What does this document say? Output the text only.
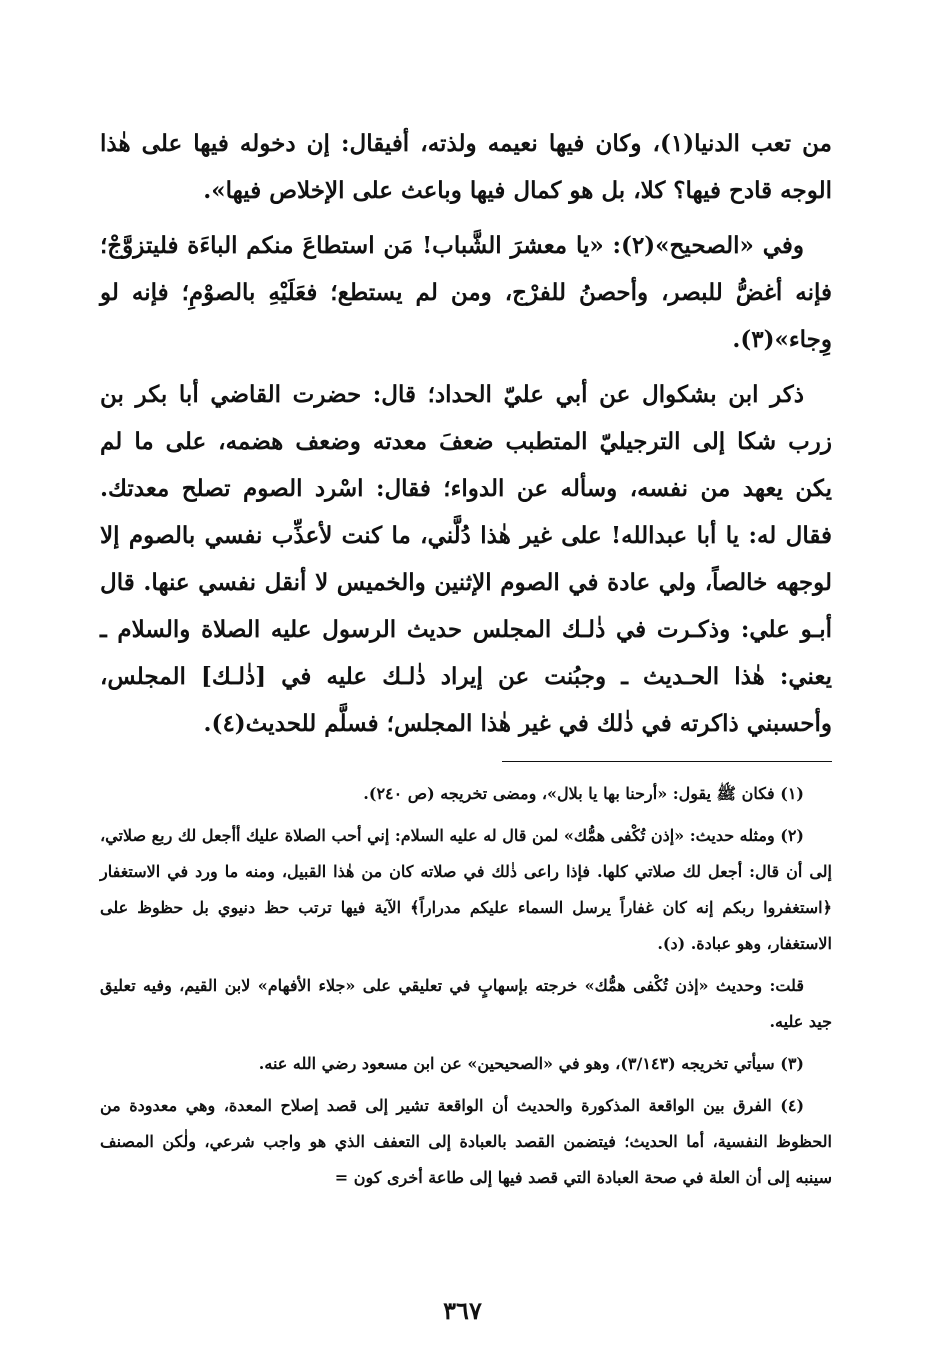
من تعب الدنيا(١)، وكان فيها نعيمه ولذته، أفيقال: إن دخوله فيها على هٰذا الوجه قادح فيها؟ كلا، بل هو كمال فيها وباعث على الإخلاص فيها».

وفي «الصحيح»(٢): «يا معشرَ الشَّباب! مَن استطاعَ منكم الباءَة فليتزوَّجْ؛ فإنه أغضُّ للبصر، وأحصنُ للفرْج، ومن لم يستطع؛ فعَلَيْهِ بالصوْمِ؛ فإنه لو وِجاء»(٣).

ذكر ابن بشكوال عن أبي عليّ الحداد؛ قال: حضرت القاضي أبا بكر بن زرب شكا إلى الترجيليّ المتطبب ضعفَ معدته وضعف هضمه، على ما لم يكن يعهد من نفسه، وسأله عن الدواء؛ فقال: اسْرد الصوم تصلح معدتك. فقال له: يا أبا عبدالله! على غير هٰذا دُلَّني، ما كنت لأعذِّب نفسي بالصوم إلا لوجهه خالصاً، ولي عادة في الصوم الإثنين والخميس لا أنقل نفسي عنها. قال أبـو علي: وذكـرت في ذٰلـك المجلس حديث الرسول عليه الصلاة والسلام ـ يعني: هٰذا الحـديث ـ وجبُنت عن إيراد ذٰلـك عليه في [ذٰلـك] المجلس، وأحسبني ذاكرته في ذٰلك في غير هٰذا المجلس؛ فسلَّم للحديث(٤).

(١) فكان ﷺ يقول: «أرحنا بها يا بلال»، ومضى تخريجه (ص ٢٤٠).

(٢) ومثله حديث: «إذن تُكْفى همُّك» لمن قال له عليه السلام: إني أحب الصلاة عليك أأجعل لك ربع صلاتي، إلى أن قال: أجعل لك صلاتي كلها. فإذا راعى ذٰلك في صلاته كان من هٰذا القبيل، ومنه ما ورد في الاستغفار ﴿استغفروا ربكم إنه كان غفاراً يرسل السماء عليكم مدراراً﴾ الآية فيها ترتب حظ دنيوي بل حظوظ على الاستغفار، وهو عبادة. (د).

قلت: وحديث «إذن تُكْفى همُّك» خرجته بإسهابٍ في تعليقي على «جلاء الأفهام» لابن القيم، وفيه تعليق جيد عليه.

(٣) سيأتي تخريجه (٣/١٤٣)، وهو في «الصحيحين» عن ابن مسعود رضي الله عنه.

(٤) الفرق بين الواقعة المذكورة والحديث أن الواقعة تشير إلى قصد إصلاح المعدة، وهي معدودة من الحظوظ النفسية، أما الحديث؛ فيتضمن القصد بالعبادة إلى التعفف الذي هو واجب شرعي، ولٰكن المصنف سينبه إلى أن العلة في صحة العبادة التي قصد فيها إلى طاعة أخرى كون =

٣٦٧
